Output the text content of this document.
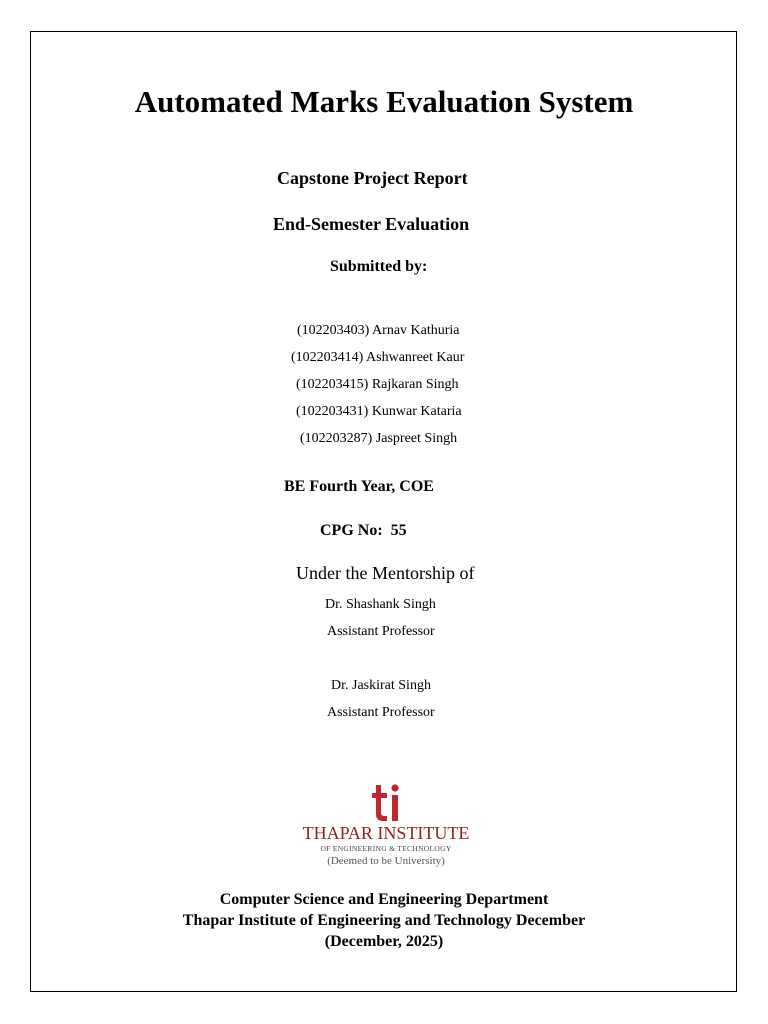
Automated Marks Evaluation System
Capstone Project Report
End-Semester Evaluation
Submitted by:
(102203403) Arnav Kathuria
(102203414) Ashwanreet Kaur
(102203415) Rajkaran Singh
(102203431) Kunwar Kataria
(102203287) Jaspreet Singh
BE Fourth Year, COE
CPG No:  55
Under the Mentorship of
Dr. Shashank Singh
Assistant Professor
Dr. Jaskirat Singh
Assistant Professor
THAPAR INSTITUTE
OF ENGINEERING & TECHNOLOGY
(Deemed to be University)
Computer Science and Engineering Department
Thapar Institute of Engineering and Technology December
(December, 2025)
